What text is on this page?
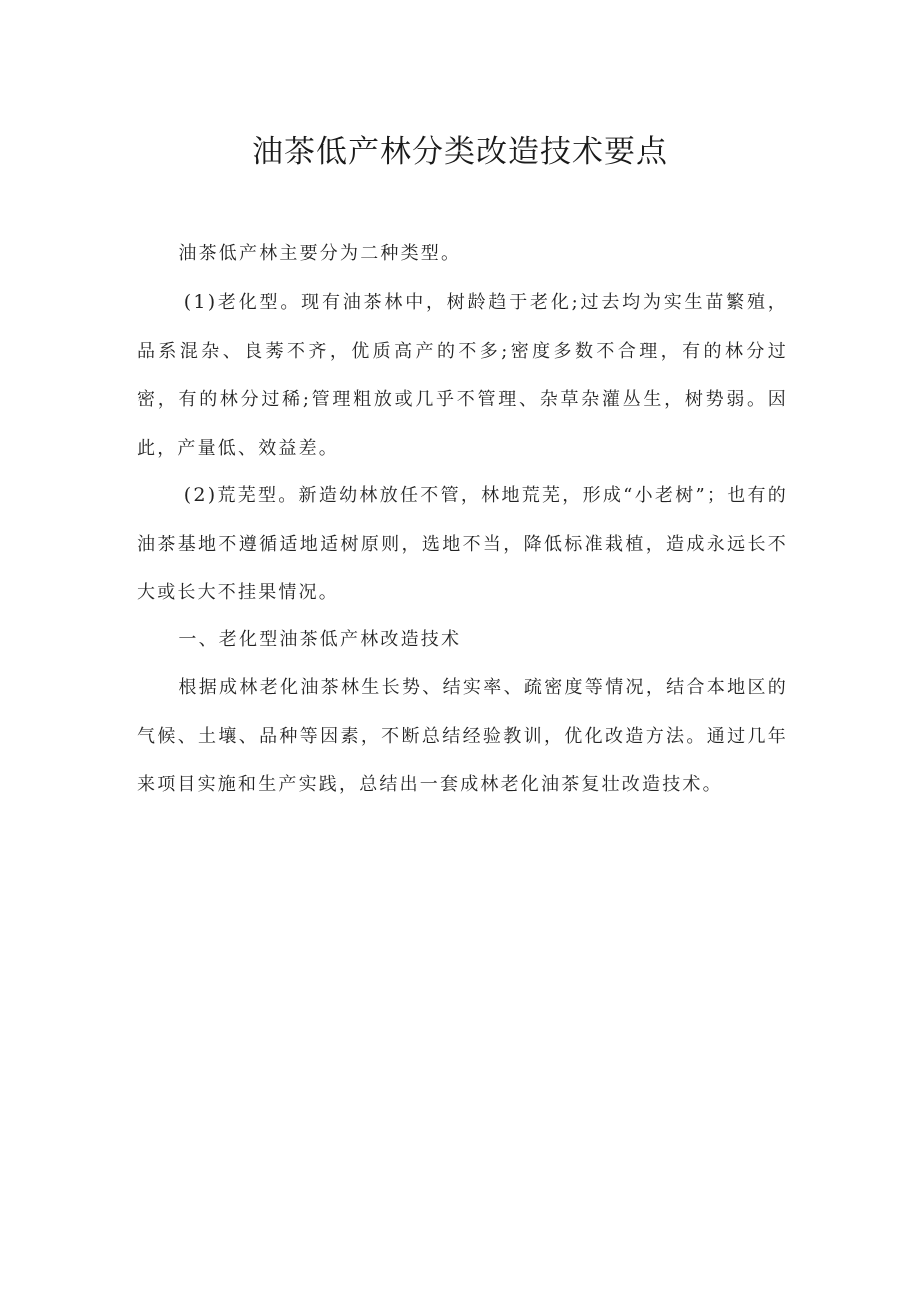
油茶低产林分类改造技术要点

油茶低产林主要分为二种类型。

(1)老化型。现有油茶林中，树龄趋于老化;过去均为实生苗繁殖，品系混杂、良莠不齐，优质高产的不多;密度多数不合理，有的林分过密，有的林分过稀;管理粗放或几乎不管理、杂草杂灌丛生，树势弱。因此，产量低、效益差。

(2)荒芜型。新造幼林放任不管，林地荒芜，形成“小老树”；也有的油茶基地不遵循适地适树原则，选地不当，降低标准栽植，造成永远长不大或长大不挂果情况。

一、老化型油茶低产林改造技术

根据成林老化油茶林生长势、结实率、疏密度等情况，结合本地区的气候、土壤、品种等因素，不断总结经验教训，优化改造方法。通过几年来项目实施和生产实践，总结出一套成林老化油茶复壮改造技术。
